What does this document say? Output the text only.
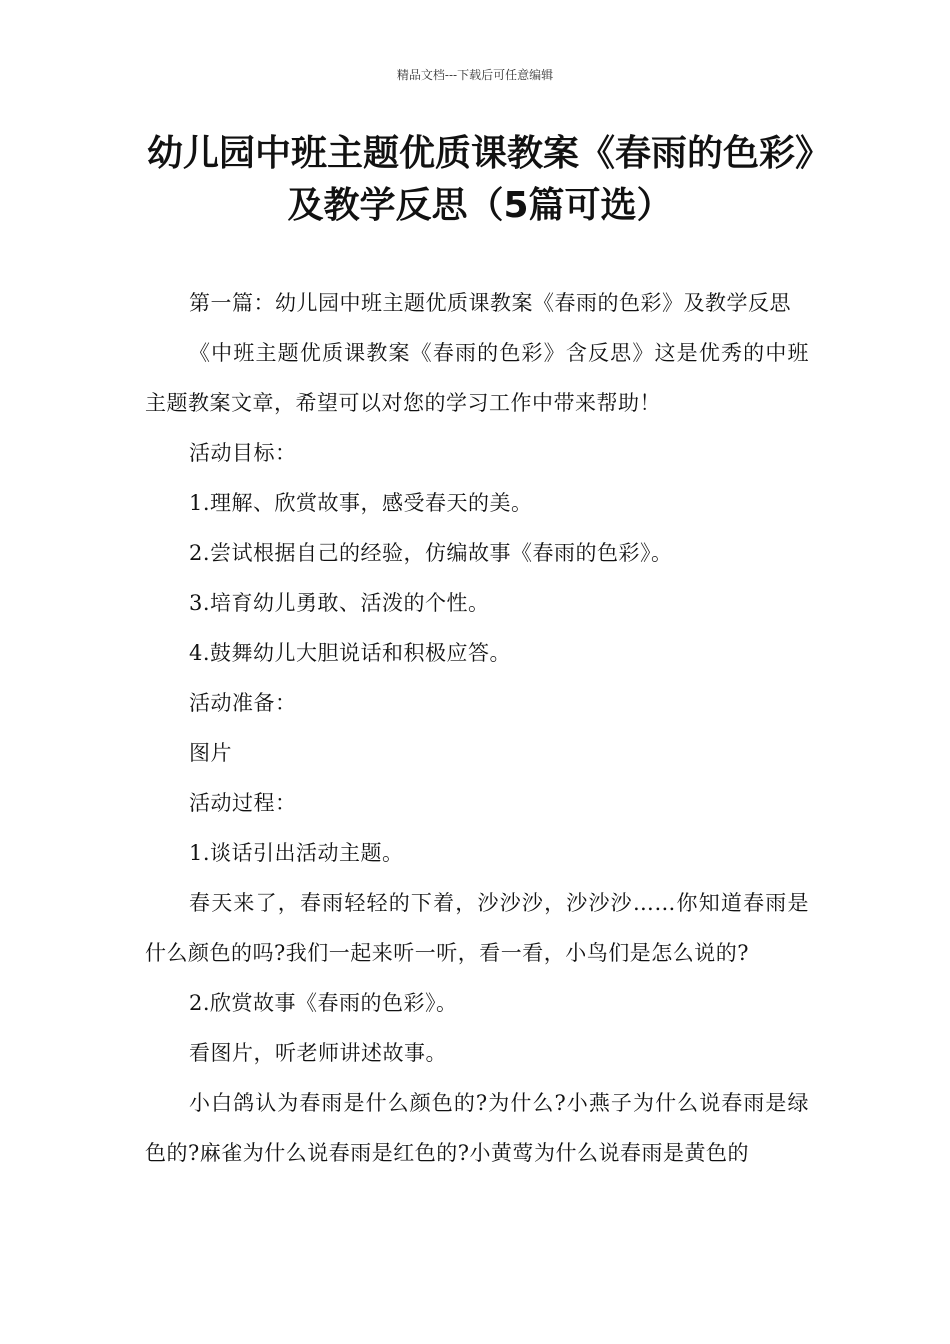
精品文档---下载后可任意编辑
幼儿园中班主题优质课教案《春雨的色彩》及教学反思（5篇可选）

第一篇：幼儿园中班主题优质课教案《春雨的色彩》及教学反思

《中班主题优质课教案《春雨的色彩》含反思》这是优秀的中班主题教案文章，希望可以对您的学习工作中带来帮助！

活动目标：

1.理解、欣赏故事，感受春天的美。

2.尝试根据自己的经验，仿编故事《春雨的色彩》。

3.培育幼儿勇敢、活泼的个性。

4.鼓舞幼儿大胆说话和积极应答。

活动准备：

图片

活动过程：

1.谈话引出活动主题。

春天来了，春雨轻轻的下着，沙沙沙，沙沙沙……你知道春雨是什么颜色的吗?我们一起来听一听，看一看，小鸟们是怎么说的?

2.欣赏故事《春雨的色彩》。

看图片，听老师讲述故事。

小白鸽认为春雨是什么颜色的?为什么?小燕子为什么说春雨是绿色的?麻雀为什么说春雨是红色的?小黄莺为什么说春雨是黄色的
